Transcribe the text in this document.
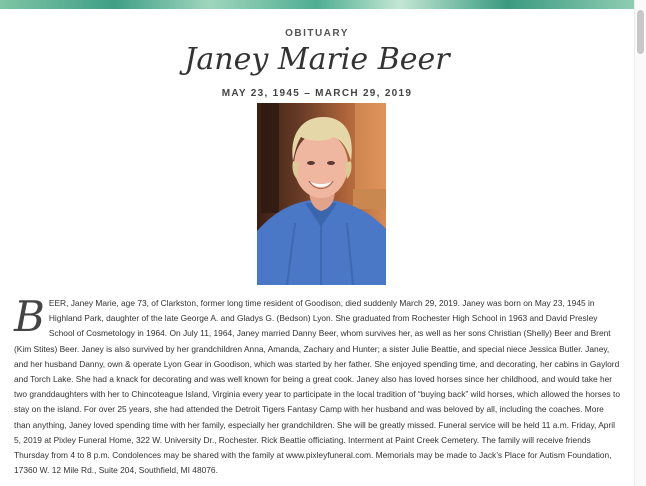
OBITUARY
Janey Marie Beer
MAY 23, 1945 – MARCH 29, 2019
B EER, Janey Marie, age 73, of Clarkston, former long time resident of Goodison, died suddenly March 29, 2019. Janey was born on May 23, 1945 in Highland Park, daughter of the late George A. and Gladys G. (Bedson) Lyon. She graduated from Rochester High School in 1963 and David Presley School of Cosmetology in 1964. On July 11, 1964, Janey married Danny Beer, whom survives her, as well as her sons Christian (Shelly) Beer and Brent (Kim Stites) Beer. Janey is also survived by her grandchildren Anna, Amanda, Zachary and Hunter; a sister Julie Beattie, and special niece Jessica Butler. Janey, and her husband Danny, own & operate Lyon Gear in Goodison, which was started by her father. She enjoyed spending time, and decorating, her cabins in Gaylord and Torch Lake. She had a knack for decorating and was well known for being a great cook. Janey also has loved horses since her childhood, and would take her two granddaughters with her to Chincoteague Island, Virginia every year to participate in the local tradition of “buying back” wild horses, which allowed the horses to stay on the island. For over 25 years, she had attended the Detroit Tigers Fantasy Camp with her husband and was beloved by all, including the coaches. More than anything, Janey loved spending time with her family, especially her grandchildren. She will be greatly missed. Funeral service will be held 11 a.m. Friday, April 5, 2019 at Pixley Funeral Home, 322 W. University Dr., Rochester. Rick Beattie officiating. Interment at Paint Creek Cemetery. The family will receive friends Thursday from 4 to 8 p.m. Condolences may be shared with the family at www.pixleyfuneral.com. Memorials may be made to Jack’s Place for Autism Foundation, 17360 W. 12 Mile Rd., Suite 204, Southfield, MI 48076.
